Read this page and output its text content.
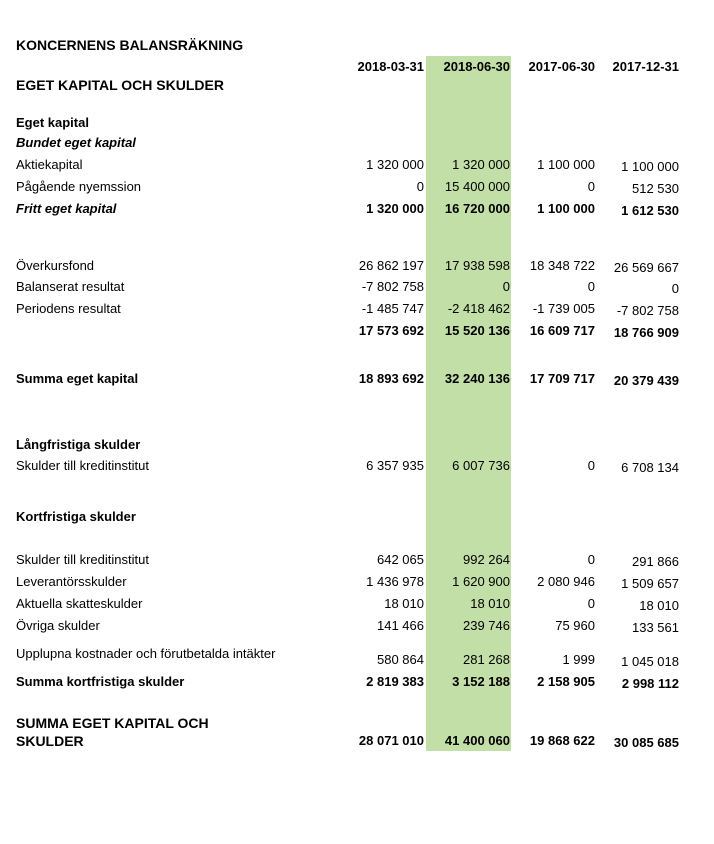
KONCERNENS BALANSRÄKNING
2018-03-31	2018-06-30	2017-06-30	2017-12-31
EGET KAPITAL OCH SKULDER
Eget kapital
Bundet eget kapital
Aktiekapital	1 320 000	1 320 000	1 100 000	1 100 000
Pågående nyemssion	0	15 400 000	0	512 530
Fritt eget kapital	1 320 000	16 720 000	1 100 000	1 612 530
Överkursfond	26 862 197	17 938 598	18 348 722	26 569 667
Balanserat resultat	-7 802 758	0	0	0
Periodens resultat	-1 485 747	-2 418 462	-1 739 005	-7 802 758
17 573 692	15 520 136	16 609 717	18 766 909
Summa eget kapital	18 893 692	32 240 136	17 709 717	20 379 439
Långfristiga skulder
Skulder till kreditinstitut	6 357 935	6 007 736	0	6 708 134
Kortfristiga skulder
Skulder till kreditinstitut	642 065	992 264	0	291 866
Leverantörsskulder	1 436 978	1 620 900	2 080 946	1 509 657
Aktuella skatteskulder	18 010	18 010	0	18 010
Övriga skulder	141 466	239 746	75 960	133 561
Upplupna kostnader och förutbetalda intäkter	580 864	281 268	1 999	1 045 018
Summa kortfristiga skulder	2 819 383	3 152 188	2 158 905	2 998 112
SUMMA EGET KAPITAL OCH
SKULDER	28 071 010	41 400 060	19 868 622	30 085 685
